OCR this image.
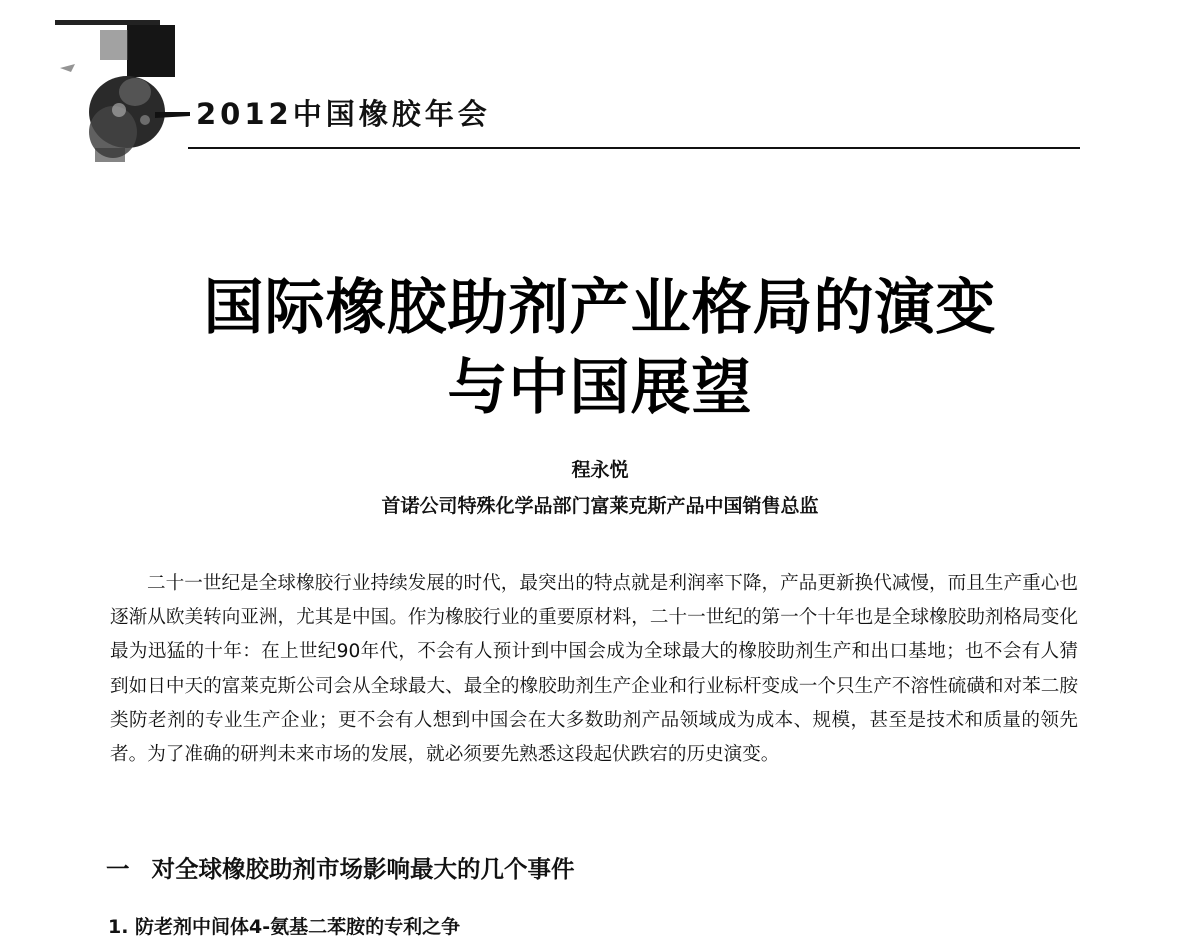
2012中国橡胶年会
国际橡胶助剂产业格局的演变
与中国展望
程永悦
首诺公司特殊化学品部门富莱克斯产品中国销售总监

二十一世纪是全球橡胶行业持续发展的时代，最突出的特点就是利润率下降，产品更新换代减慢，而且生产重心也逐渐从欧美转向亚洲，尤其是中国。作为橡胶行业的重要原材料，二十一世纪的第一个十年也是全球橡胶助剂格局变化最为迅猛的十年：在上世纪90年代，不会有人预计到中国会成为全球最大的橡胶助剂生产和出口基地；也不会有人猜到如日中天的富莱克斯公司会从全球最大、最全的橡胶助剂生产企业和行业标杆变成一个只生产不溶性硫磺和对苯二胺类防老剂的专业生产企业；更不会有人想到中国会在大多数助剂产品领域成为成本、规模，甚至是技术和质量的领先者。为了准确的研判未来市场的发展，就必须要先熟悉这段起伏跌宕的历史演变。

一 对全球橡胶助剂市场影响最大的几个事件
1. 防老剂中间体4-氨基二苯胺的专利之争
